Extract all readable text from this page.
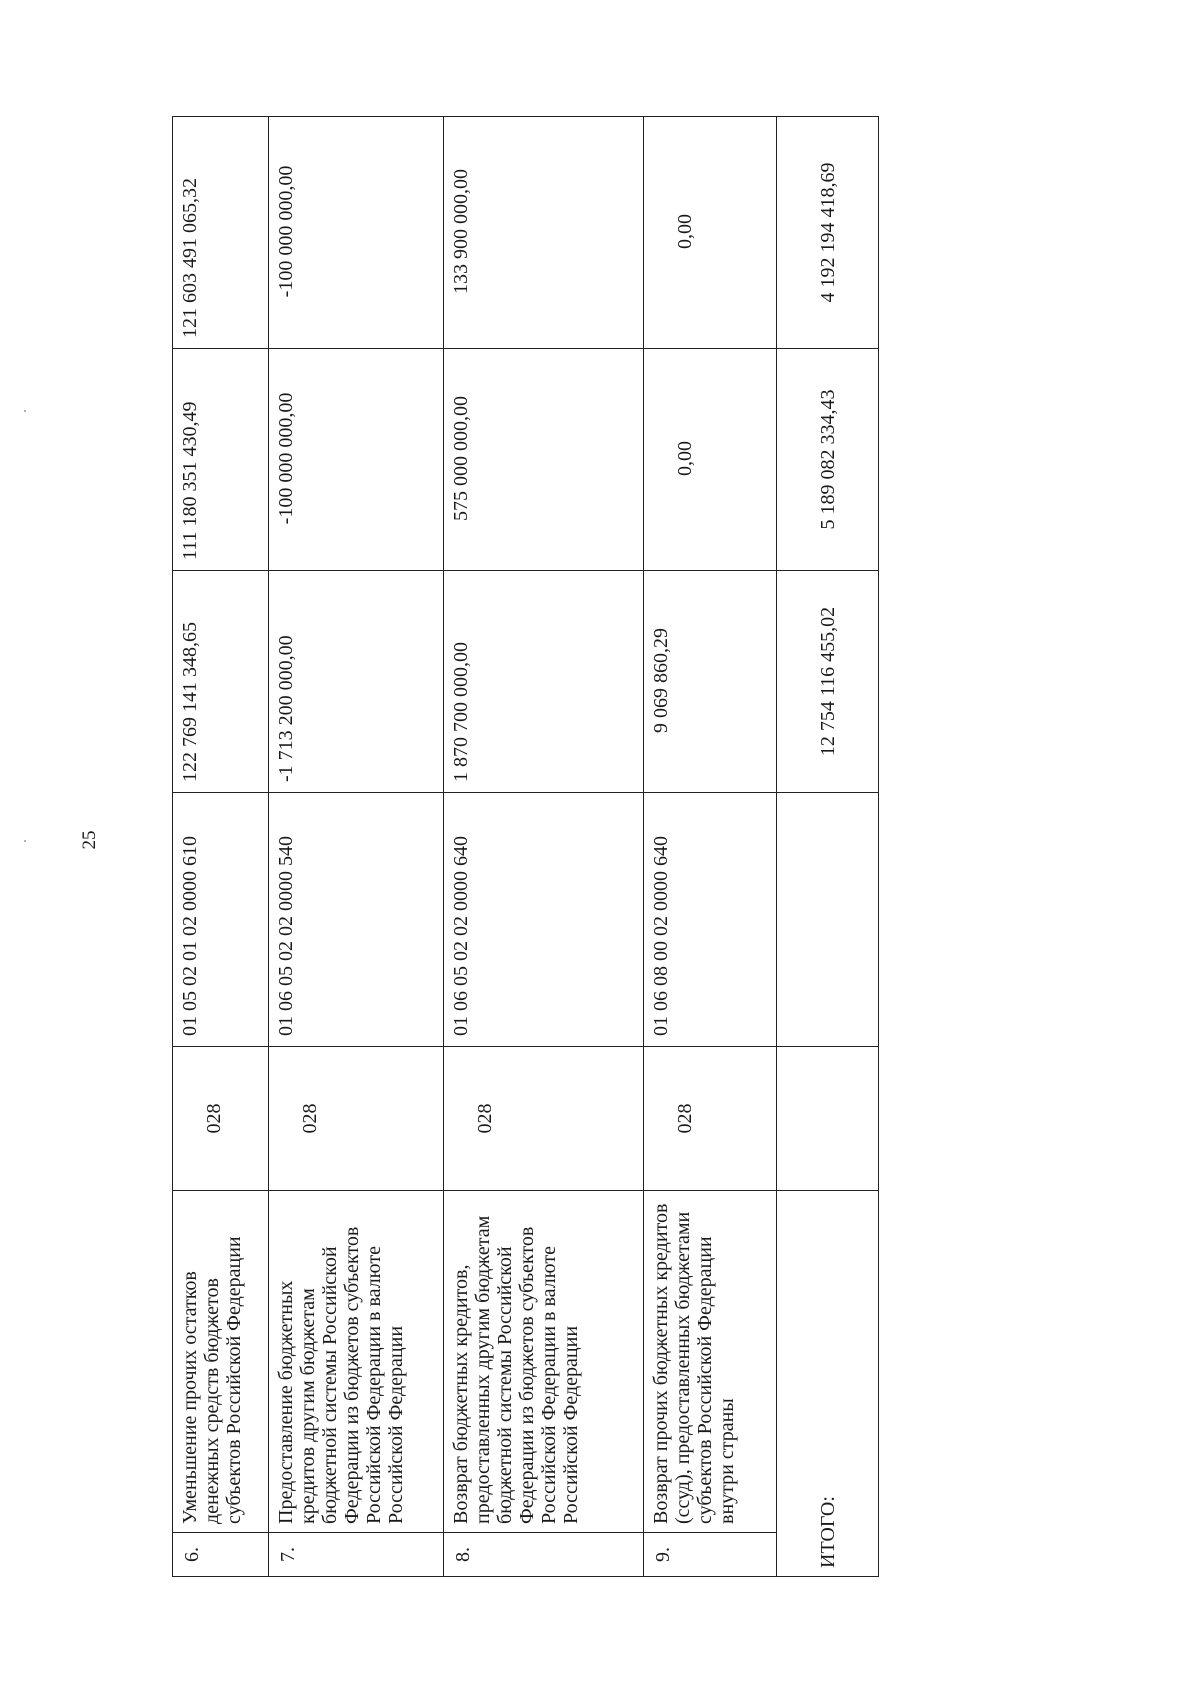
25
6.	Уменьшение прочих остатков денежных средств бюджетов субъектов Российской Федерации	028	01 05 02 01 02 0000 610	122 769 141 348,65	111 180 351 430,49	121 603 491 065,32
7.	Предоставление бюджетных кредитов другим бюджетам бюджетной системы Российской Федерации из бюджетов субъектов Российской Федерации в валюте Российской Федерации	028	01 06 05 02 02 0000 540	-1 713 200 000,00	-100 000 000,00	-100 000 000,00
8.	Возврат бюджетных кредитов, предоставленных другим бюджетам бюджетной системы Российской Федерации из бюджетов субъектов Российской Федерации в валюте Российской Федерации	028	01 06 05 02 02 0000 640	1 870 700 000,00	575 000 000,00	133 900 000,00
9.	Возврат прочих бюджетных кредитов (ссуд), предоставленных бюджетами субъектов Российской Федерации внутри страны	028	01 06 08 00 02 0000 640	9 069 860,29	0,00	0,00
ИТОГО:				12 754 116 455,02	5 189 082 334,43	4 192 194 418,69
